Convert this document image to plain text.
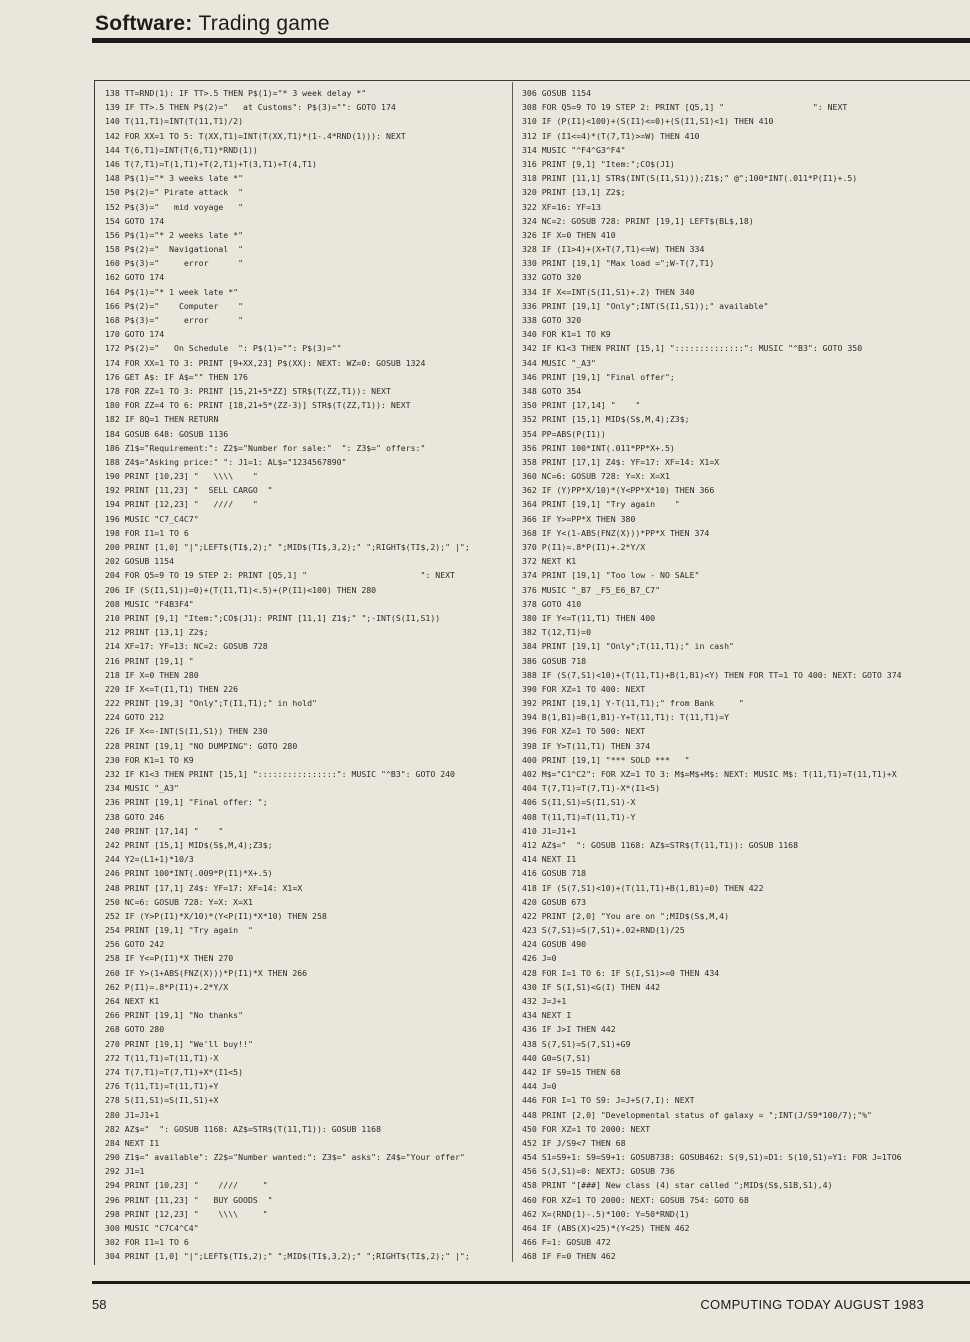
Software: Trading game
138 TT=RND(1): IF TT>.5 THEN P$(1)="* 3 week delay *"
139 IF TT>.5 THEN P$(2)="   at Customs": P$(3)="": GOTO 174
140 T(11,T1)=INT(T(11,T1)/2)
142 FOR XX=1 TO 5: T(XX,T1)=INT(T(XX,T1)*(1-.4*RND(1))): NEXT
144 T(6,T1)=INT(T(6,T1)*RND(1))
146 T(7,T1)=T(1,T1)+T(2,T1)+T(3,T1)+T(4,T1)
148 P$(1)="* 3 weeks late *"
150 P$(2)=" Pirate attack  "
152 P$(3)="   mid voyage   "
154 GOTO 174
156 P$(1)="* 2 weeks late *"
158 P$(2)="  Navigational  "
160 P$(3)="     error      "
162 GOTO 174
164 P$(1)="* 1 week late *"
166 P$(2)="    Computer    "
168 P$(3)="     error      "
170 GOTO 174
172 P$(2)="   On Schedule  ": P$(1)="": P$(3)=""
174 FOR XX=1 TO 3: PRINT [9+XX,23] P$(XX): NEXT: WZ=0: GOSUB 1324
176 GET A$: IF A$="" THEN 176
178 FOR ZZ=1 TO 3: PRINT [15,21+5*ZZ] STR$(T(ZZ,T1)): NEXT
180 FOR ZZ=4 TO 6: PRINT [18,21+5*(ZZ-3)] STR$(T(ZZ,T1)): NEXT
182 IF 8Q=1 THEN RETURN
184 GOSUB 648: GOSUB 1136
186 Z1$="Requirement:": Z2$="Number for sale:"  ": Z3$=" offers:"
188 Z4$="Asking price:" ": J1=1: AL$="1234567890"
190 PRINT [10,23] "   \\\\    "
192 PRINT [11,23] "  SELL CARGO  "
194 PRINT [12,23] "   ////    "
196 MUSIC "C7_C4C7"
198 FOR I1=1 TO 6
200 PRINT [1,0] "|";LEFT$(TI$,2);" ";MID$(TI$,3,2);" ";RIGHT$(TI$,2);" |";
202 GOSUB 1154
204 FOR Q5=9 TO 19 STEP 2: PRINT [Q5,1] "                       ": NEXT
206 IF (S(I1,S1))=0)+(T(I1,T1)<.5)+(P(I1)<100) THEN 280
208 MUSIC "F4B3F4"
210 PRINT [9,1] "Item:";CO$(J1): PRINT [11,1] Z1$;" ";-INT(S(I1,S1))
212 PRINT [13,1] Z2$;
214 XF=17: YF=13: NC=2: GOSUB 728
216 PRINT [19,1] "
218 IF X=0 THEN 280
220 IF X<=T(I1,T1) THEN 226
222 PRINT [19,3] "Only";T(I1,T1);" in hold"
224 GOTO 212
226 IF X<=-INT(S(I1,S1)) THEN 230
228 PRINT [19,1] "NO DUMPING": GOTO 280
230 FOR K1=1 TO K9
232 IF K1<3 THEN PRINT [15,1] "::::::::::::::::": MUSIC "^B3": GOTO 240
234 MUSIC "_A3"
236 PRINT [19,1] "Final offer: ";
238 GOTO 246
240 PRINT [17,14] "    "
242 PRINT [15,1] MID$(S$,M,4);Z3$;
244 Y2=(L1+1)*10/3
246 PRINT 100*INT(.009*P(I1)*X+.5)
248 PRINT [17,1] Z4$: YF=17: XF=14: X1=X
250 NC=6: GOSUB 728: Y=X: X=X1
252 IF (Y>P(I1)*X/10)*(Y<P(I1)*X*10) THEN 258
254 PRINT [19,1] "Try again  "
256 GOTO 242
258 IF Y<=P(I1)*X THEN 270
260 IF Y>(1+ABS(FNZ(X)))*P(I1)*X THEN 266
262 P(I1)=.8*P(I1)+.2*Y/X
264 NEXT K1
266 PRINT [19,1] "No thanks"
268 GOTO 280
270 PRINT [19,1] "We'll buy!!"
272 T(11,T1)=T(11,T1)-X
274 T(7,T1)=T(7,T1)+X*(I1<5)
276 T(11,T1)=T(11,T1)+Y
278 S(I1,S1)=S(I1,S1)+X
280 J1=J1+1
282 AZ$="  ": GOSUB 1168: AZ$=STR$(T(11,T1)): GOSUB 1168
284 NEXT I1
290 Z1$=" available": Z2$="Number wanted:": Z3$=" asks": Z4$="Your offer"
292 J1=1
294 PRINT [10,23] "    ////     "
296 PRINT [11,23] "   BUY GOODS  "
298 PRINT [12,23] "    \\\\     "
300 MUSIC "C7C4^C4"
302 FOR I1=1 TO 6
304 PRINT [1,0] "|";LEFT$(TI$,2);" ";MID$(TI$,3,2);" ";RIGHT$(TI$,2);" |";
306 GOSUB 1154
308 FOR Q5=9 TO 19 STEP 2: PRINT [Q5,1] "                  ": NEXT
310 IF (P(I1)<100)+(S(I1)<=0)+(S(I1,S1)<1) THEN 410
312 IF (I1<=4)*(T(7,T1)>=W) THEN 410
314 MUSIC "^F4^G3^F4"
316 PRINT [9,1] "Item:";CO$(J1)
318 PRINT [11,1] STR$(INT(S(I1,S1)));Z1$;" @";100*INT(.011*P(I1)+.5)
320 PRINT [13,1] Z2$;
322 XF=16: YF=13
324 NC=2: GOSUB 728: PRINT [19,1] LEFT$(BL$,18)
326 IF X=0 THEN 410
328 IF (I1>4)+(X+T(7,T1)<=W) THEN 334
330 PRINT [19,1] "Max load =";W-T(7,T1)
332 GOTO 320
334 IF X<=INT(S(I1,S1)+.2) THEN 340
336 PRINT [19,1] "Only";INT(S(I1,S1));" available"
338 GOTO 320
340 FOR K1=1 TO K9
342 IF K1<3 THEN PRINT [15,1] "::::::::::::::": MUSIC "^B3": GOTO 350
344 MUSIC "_A3"
346 PRINT [19,1] "Final offer";
348 GOTO 354
350 PRINT [17,14] "    "
352 PRINT [15,1] MID$(S$,M,4);Z3$;
354 PP=ABS(P(I1))
356 PRINT 100*INT(.011*PP*X+.5)
358 PRINT [17,1] Z4$: YF=17: XF=14: X1=X
360 NC=6: GOSUB 728: Y=X: X=X1
362 IF (Y)PP*X/10)*(Y<PP*X*10) THEN 366
364 PRINT [19,1] "Try again    "
366 IF Y>=PP*X THEN 380
368 IF Y<(1-ABS(FNZ(X)))*PP*X THEN 374
370 P(I1)=.8*P(I1)+.2*Y/X
372 NEXT K1
374 PRINT [19,1] "Too low - NO SALE"
376 MUSIC "_B7 _F5_E6_B7_C7"
378 GOTO 410
380 IF Y<=T(11,T1) THEN 400
382 T(12,T1)=0
384 PRINT [19,1] "Only";T(11,T1);" in cash"
386 GOSUB 718
388 IF (S(7,S1)<10)+(T(11,T1)+B(1,B1)<Y) THEN FOR TT=1 TO 400: NEXT: GOTO 374
390 FOR XZ=1 TO 400: NEXT
392 PRINT [19,1] Y-T(11,T1);" from Bank     "
394 B(1,B1)=B(1,B1)-Y+T(11,T1): T(11,T1)=Y
396 FOR XZ=1 TO 500: NEXT
398 IF Y>T(11,T1) THEN 374
400 PRINT [19,1] "*** SOLD ***   "
402 M$="C1^C2": FOR XZ=1 TO 3: M$=M$+M$: NEXT: MUSIC M$: T(11,T1)=T(11,T1)+X
404 T(7,T1)=T(7,T1)-X*(I1<5)
406 S(I1,S1)=S(I1,S1)-X
408 T(11,T1)=T(11,T1)-Y
410 J1=J1+1
412 AZ$="  ": GOSUB 1168: AZ$=STR$(T(11,T1)): GOSUB 1168
414 NEXT I1
416 GOSUB 718
418 IF (S(7,S1)<10)+(T(11,T1)+B(1,B1)=0) THEN 422
420 GOSUB 673
422 PRINT [2,0] "You are on ";MID$(S$,M,4)
423 S(7,S1)=S(7,S1)+.02+RND(1)/25
424 GOSUB 490
426 J=0
428 FOR I=1 TO 6: IF S(I,S1)>=0 THEN 434
430 IF S(I,S1)<G(I) THEN 442
432 J=J+1
434 NEXT I
436 IF J>I THEN 442
438 S(7,S1)=S(7,S1)+G9
440 G0=S(7,S1)
442 IF S9=15 THEN 68
444 J=0
446 FOR I=1 TO S9: J=J+S(7,I): NEXT
448 PRINT [2,0] "Developmental status of galaxy = ";INT(J/S9*100/7);"%"
450 FOR XZ=1 TO 2000: NEXT
452 IF J/S9<7 THEN 68
454 S1=S9+1: S9=S9+1: GOSUB738: GOSUB462: S(9,S1)=D1: S(10,S1)=Y1: FOR J=1TO6
456 S(J,S1)=0: NEXTJ: GOSUB 736
458 PRINT "[###] New class (4) star called ";MID$(S$,S1B,S1),4)
460 FOR XZ=1 TO 2000: NEXT: GOSUB 754: GOTO 68
462 X=(RND(1)-.5)*100: Y=50*RND(1)
464 IF (ABS(X)<25)*(Y<25) THEN 462
466 F=1: GOSUB 472
468 IF F=0 THEN 462
58	COMPUTING TODAY AUGUST 1983
